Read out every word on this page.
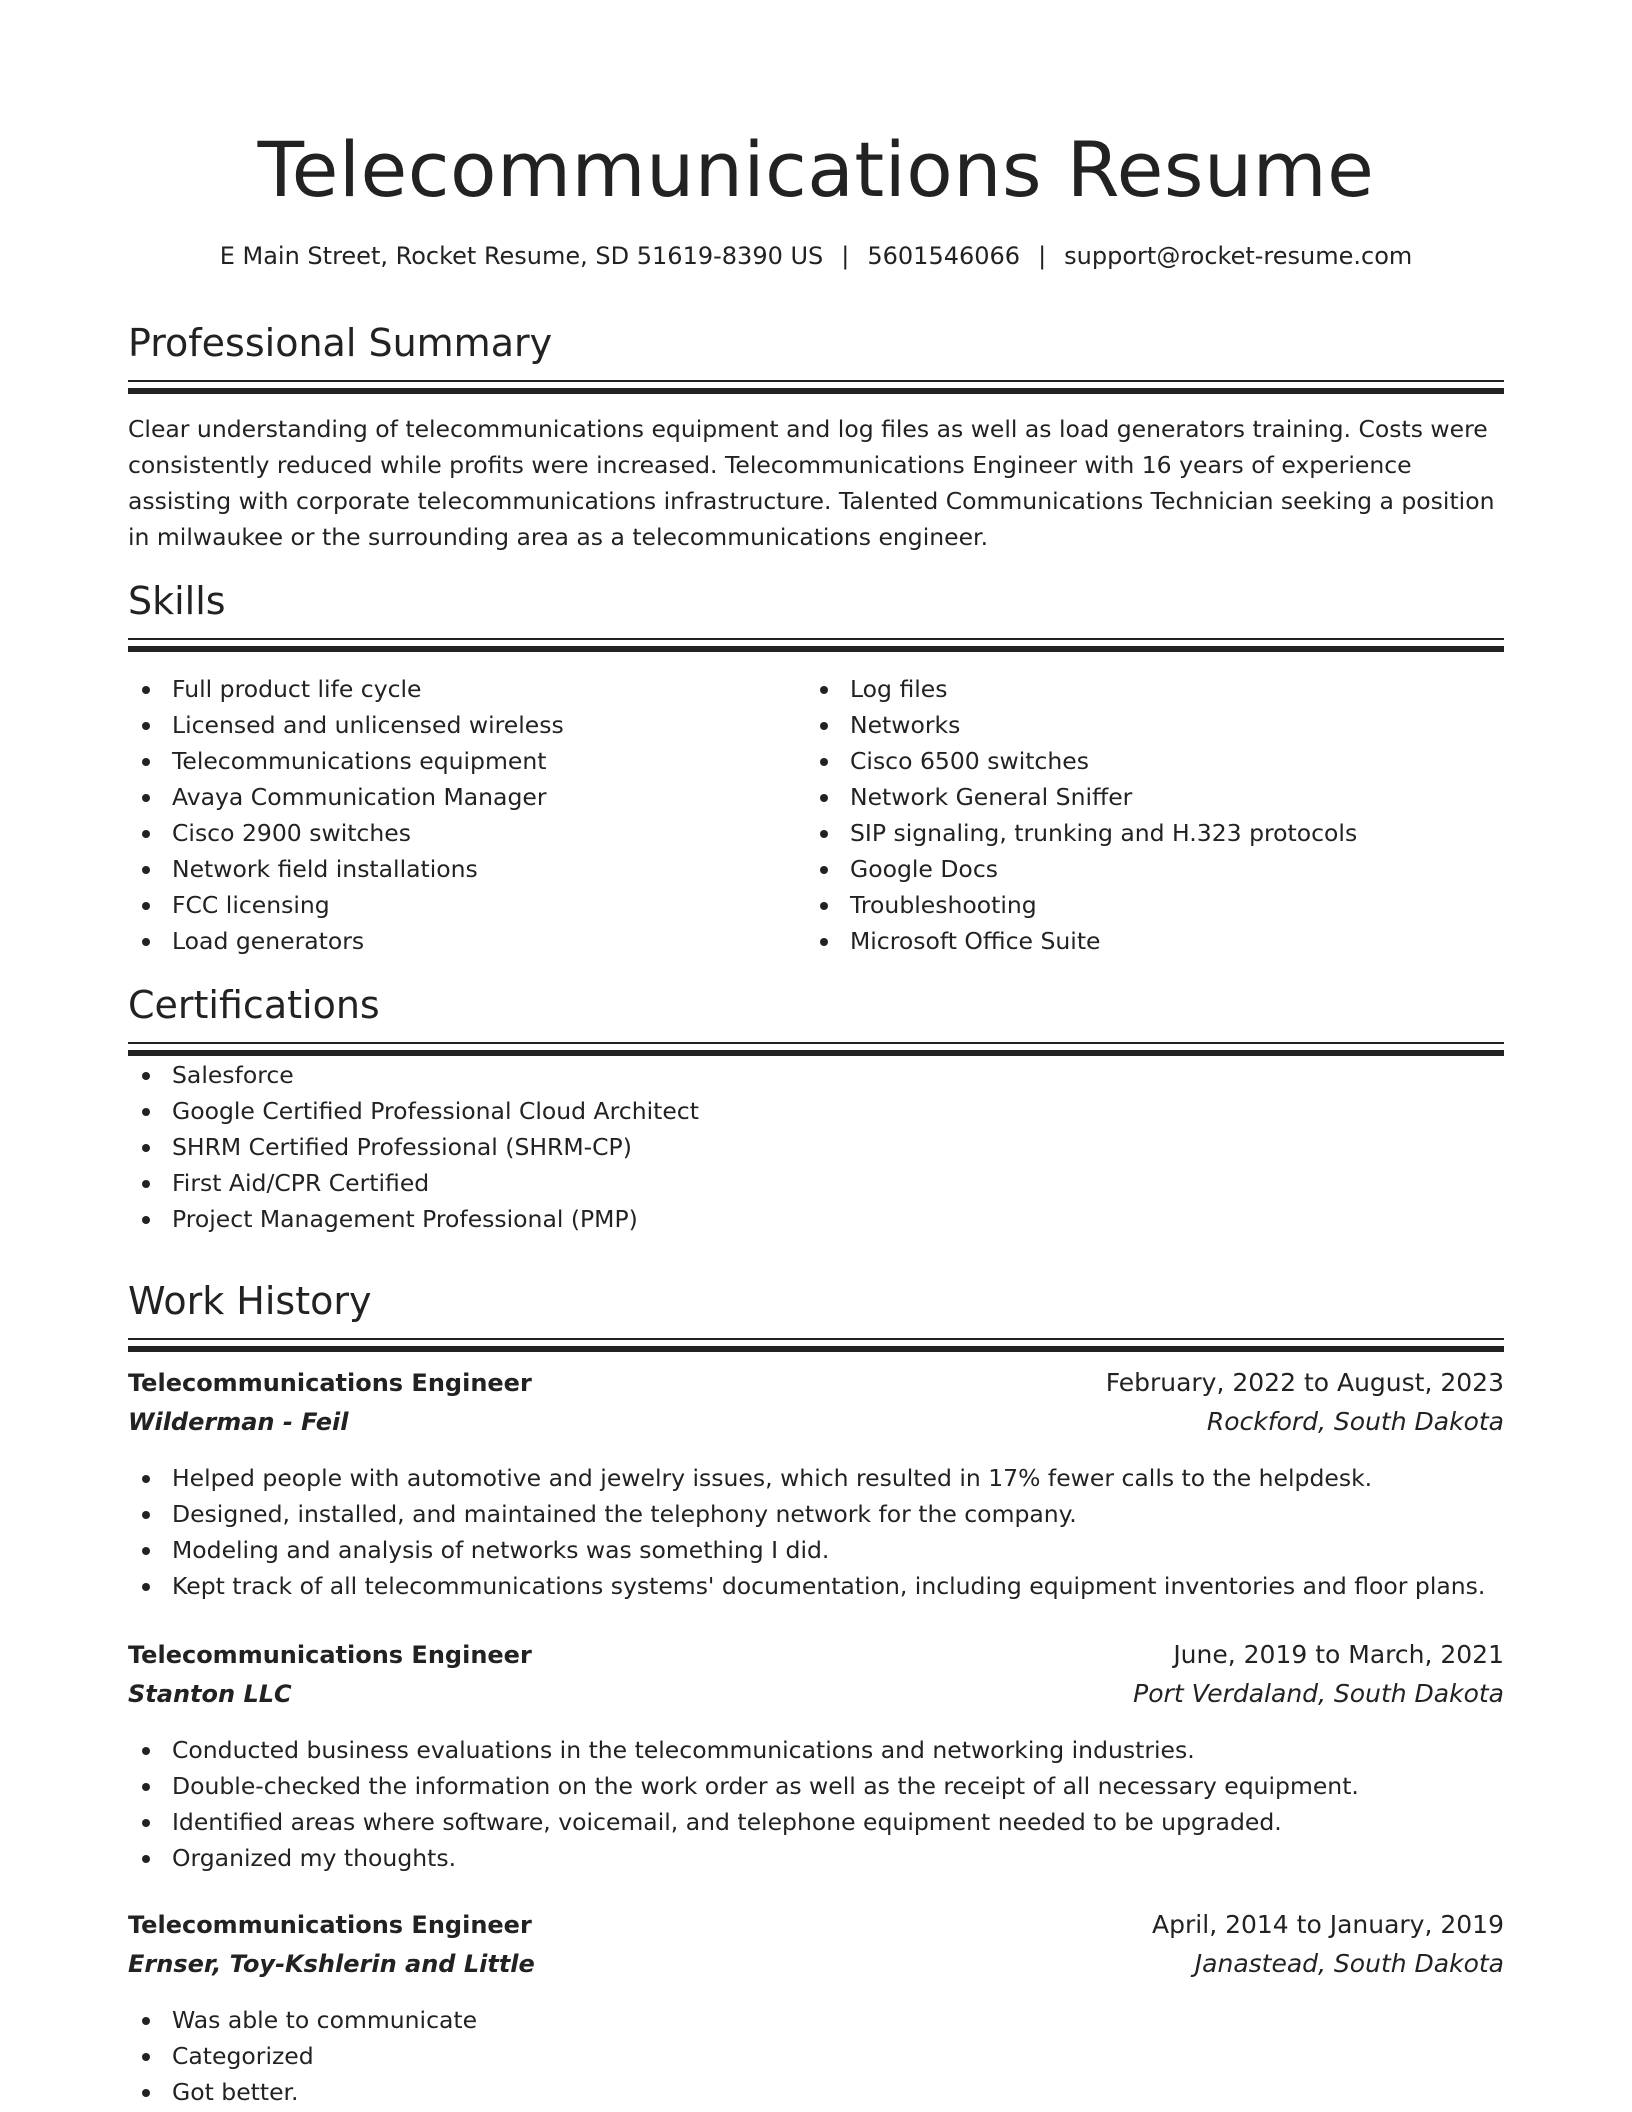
Telecommunications Resume
E Main Street, Rocket Resume, SD 51619-8390 US | 5601546066 | support@rocket-resume.com
Professional Summary

Clear understanding of telecommunications equipment and log files as well as load generators training. Costs were consistently reduced while profits were increased. Telecommunications Engineer with 16 years of experience assisting with corporate telecommunications infrastructure. Talented Communications Technician seeking a position in milwaukee or the surrounding area as a telecommunications engineer.

Skills
Full product life cycle
Licensed and unlicensed wireless
Telecommunications equipment
Avaya Communication Manager
Cisco 2900 switches
Network field installations
FCC licensing
Load generators
Log files
Networks
Cisco 6500 switches
Network General Sniffer
SIP signaling, trunking and H.323 protocols
Google Docs
Troubleshooting
Microsoft Office Suite
Certifications
Salesforce
Google Certified Professional Cloud Architect
SHRM Certified Professional (SHRM-CP)
First Aid/CPR Certified
Project Management Professional (PMP)
Work History
Telecommunications Engineer	February, 2022 to August, 2023
Wilderman - Feil	Rockford, South Dakota
Helped people with automotive and jewelry issues, which resulted in 17% fewer calls to the helpdesk.
Designed, installed, and maintained the telephony network for the company.
Modeling and analysis of networks was something I did.
Kept track of all telecommunications systems' documentation, including equipment inventories and floor plans.
Telecommunications Engineer	June, 2019 to March, 2021
Stanton LLC	Port Verdaland, South Dakota
Conducted business evaluations in the telecommunications and networking industries.
Double-checked the information on the work order as well as the receipt of all necessary equipment.
Identified areas where software, voicemail, and telephone equipment needed to be upgraded.
Organized my thoughts.
Telecommunications Engineer	April, 2014 to January, 2019
Ernser, Toy-Kshlerin and Little	Janastead, South Dakota
Was able to communicate
Categorized
Got better.
